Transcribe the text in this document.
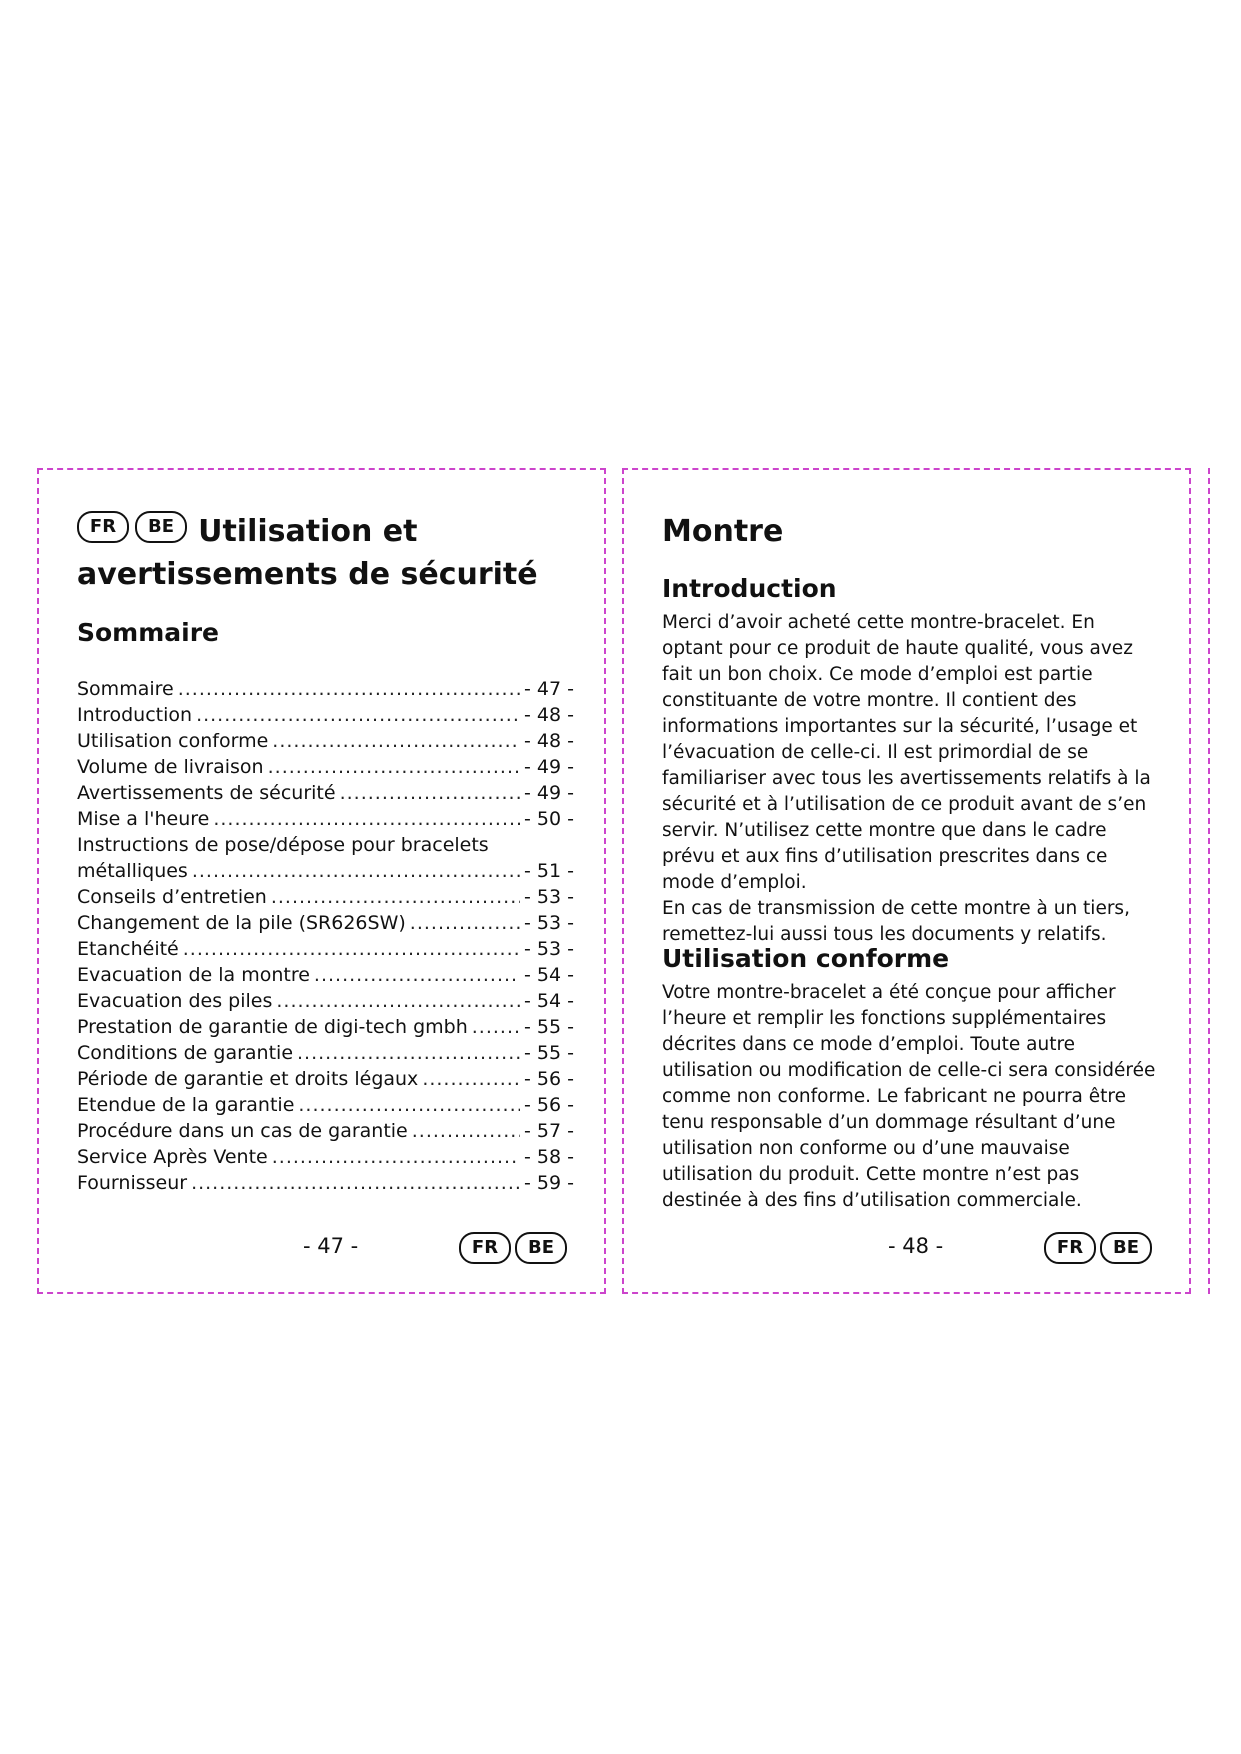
FR BE Utilisation et
avertissements de sécurité
Sommaire
Sommaire .....	- 47 -
Introduction .....	- 48 -
Utilisation conforme .....	- 48 -
Volume de livraison .....	- 49 -
Avertissements de sécurité .....	- 49 -
Mise a l'heure .....	- 50 -
Instructions de pose/dépose pour bracelets
métalliques .....	- 51 -
Conseils d’entretien .....	- 53 -
Changement de la pile (SR626SW) .....	- 53 -
Etanchéité .....	- 53 -
Evacuation de la montre .....	- 54 -
Evacuation des piles .....	- 54 -
Prestation de garantie de digi-tech gmbh .....	- 55 -
Conditions de garantie .....	- 55 -
Période de garantie et droits légaux .....	- 56 -
Etendue de la garantie .....	- 56 -
Procédure dans un cas de garantie .....	- 57 -
Service Après Vente .....	- 58 -
Fournisseur .....	- 59 -
- 47 -	FR BE
Montre
Introduction

Merci d’avoir acheté cette montre-bracelet. En optant pour ce produit de haute qualité, vous avez fait un bon choix. Ce mode d’emploi est partie constituante de votre montre. Il contient des informations importantes sur la sécurité, l’usage et l’évacuation de celle-ci. Il est primordial de se familiariser avec tous les avertissements relatifs à la sécurité et à l’utilisation de ce produit avant de s’en servir. N’utilisez cette montre que dans le cadre prévu et aux fins d’utilisation prescrites dans ce mode d’emploi.

En cas de transmission de cette montre à un tiers, remettez-lui aussi tous les documents y relatifs.

Utilisation conforme

Votre montre-bracelet a été conçue pour afficher l’heure et remplir les fonctions supplémentaires décrites dans ce mode d’emploi. Toute autre utilisation ou modification de celle-ci sera considérée comme non conforme. Le fabricant ne pourra être tenu responsable d’un dommage résultant d’une utilisation non conforme ou d’une mauvaise utilisation du produit. Cette montre n’est pas destinée à des fins d’utilisation commerciale.

- 48 -	FR BE
